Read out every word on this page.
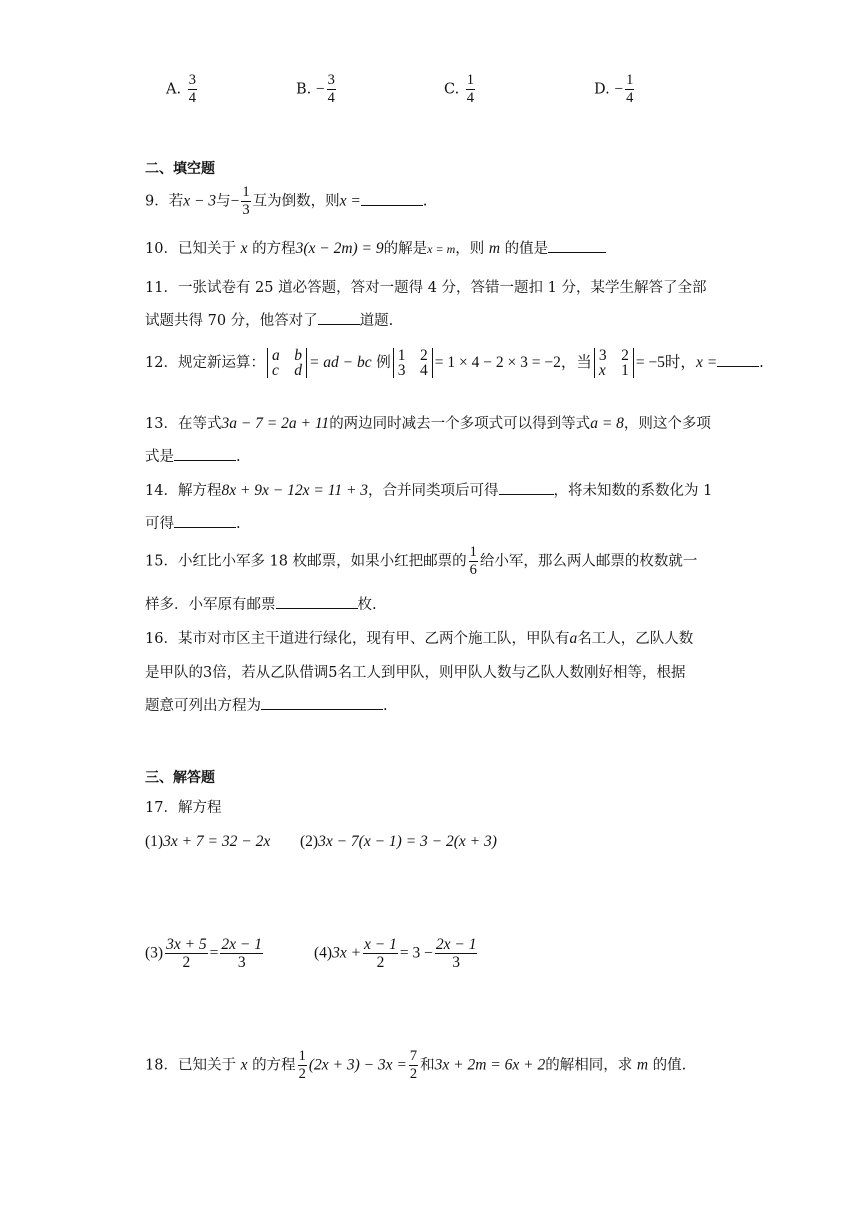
A. $\frac{3}{4}$	B. − $\frac{3}{4}$	C. $\frac{1}{4}$	D. − $\frac{1}{4}$
二、填空题
9．若x − 3与− $\frac{1}{3}$ 互为倒数，则x =	.
10．已知关于 x 的方程3(x − 2m) = 9的解是x = m，则 m 的值是
11．一张试卷有 25 道必答题，答对一题得 4 分，答错一题扣 1 分，某学生解答了全部
试题共得 70 分，他答对了	道题.
12．规定新运算： a b
c d = ad − bc 例 1 2
3 4 = 1 × 4 − 2 × 3 = −2，当 3 2
x 1 = −5时，x =	.
13．在等式3a − 7 = 2a + 11的两边同时减去一个多项式可以得到等式a = 8，则这个多项
式是	.
14．解方程8x + 9x − 12x = 11 + 3，合并同类项后可得	，将未知数的系数化为 1
可得	.
15．小红比小军多 18 枚邮票，如果小红把邮票的 $\frac{1}{6}$ 给小军，那么两人邮票的枚数就一
样多．小军原有邮票	枚.
16．某市对市区主干道进行绿化，现有甲、乙两个施工队，甲队有a名工人，乙队人数
是甲队的3倍，若从乙队借调5名工人到甲队，则甲队人数与乙队人数刚好相等，根据
题意可列出方程为	.
三、解答题
17．解方程
(1)3x + 7 = 32 − 2x (2)3x − 7(x − 1) = 3 − 2(x + 3)
$(3) \frac{3x + 5}{2} = \frac{2x - 1}{3}$	$(4)3x + \frac{x - 1}{2} = 3 - \frac{2x - 1}{3}$
18．已知关于 x 的方程 $\frac{1}{2} (2x + 3) - 3x = \frac{7}{2}$ 和3x + 2m = 6x + 2的解相同，求 m 的值.
